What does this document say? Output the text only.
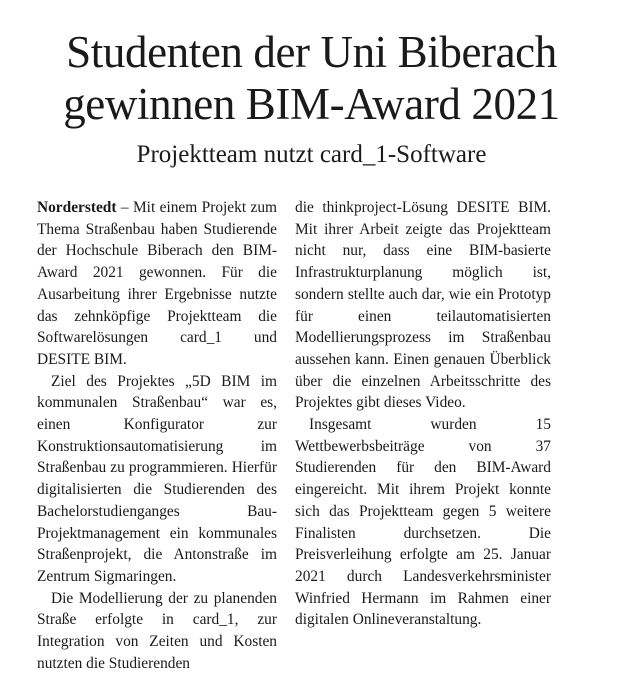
Studenten der Uni Biberach
gewinnen BIM-Award 2021
Projektteam nutzt card_1-Software

Norderstedt – Mit einem Projekt zum Thema Straßenbau haben Studierende der Hochschule Biberach den BIM-Award 2021 gewonnen. Für die Ausarbeitung ihrer Ergebnisse nutzte das zehnköpfige Projektteam die Softwarelösungen card_1 und DESITE BIM.

Ziel des Projektes „5D BIM im kommunalen Straßenbau“ war es, einen Konfigurator zur Konstruktionsautomatisierung im Straßenbau zu programmieren. Hierfür digitalisierten die Studierenden des Bachelorstudienganges Bau-Projektmanagement ein kommunales Straßenprojekt, die Antonstraße im Zentrum Sigmaringen.

Die Modellierung der zu planenden Straße erfolgte in card_1, zur Integration von Zeiten und Kosten nutzten die Studierenden

die thinkproject-Lösung DESITE BIM. Mit ihrer Arbeit zeigte das Projektteam nicht nur, dass eine BIM-basierte Infrastrukturplanung möglich ist, sondern stellte auch dar, wie ein Prototyp für einen teilautomatisierten Modellierungsprozess im Straßenbau aussehen kann. Einen genauen Überblick über die einzelnen Arbeitsschritte des Projektes gibt dieses Video.

Insgesamt wurden 15 Wettbewerbsbeiträge von 37 Studierenden für den BIM-Award eingereicht. Mit ihrem Projekt konnte sich das Projektteam gegen 5 weitere Finalisten durchsetzen. Die Preisverleihung erfolgte am 25. Januar 2021 durch Landesverkehrsminister Winfried Hermann im Rahmen einer digitalen Onlineveranstaltung.
